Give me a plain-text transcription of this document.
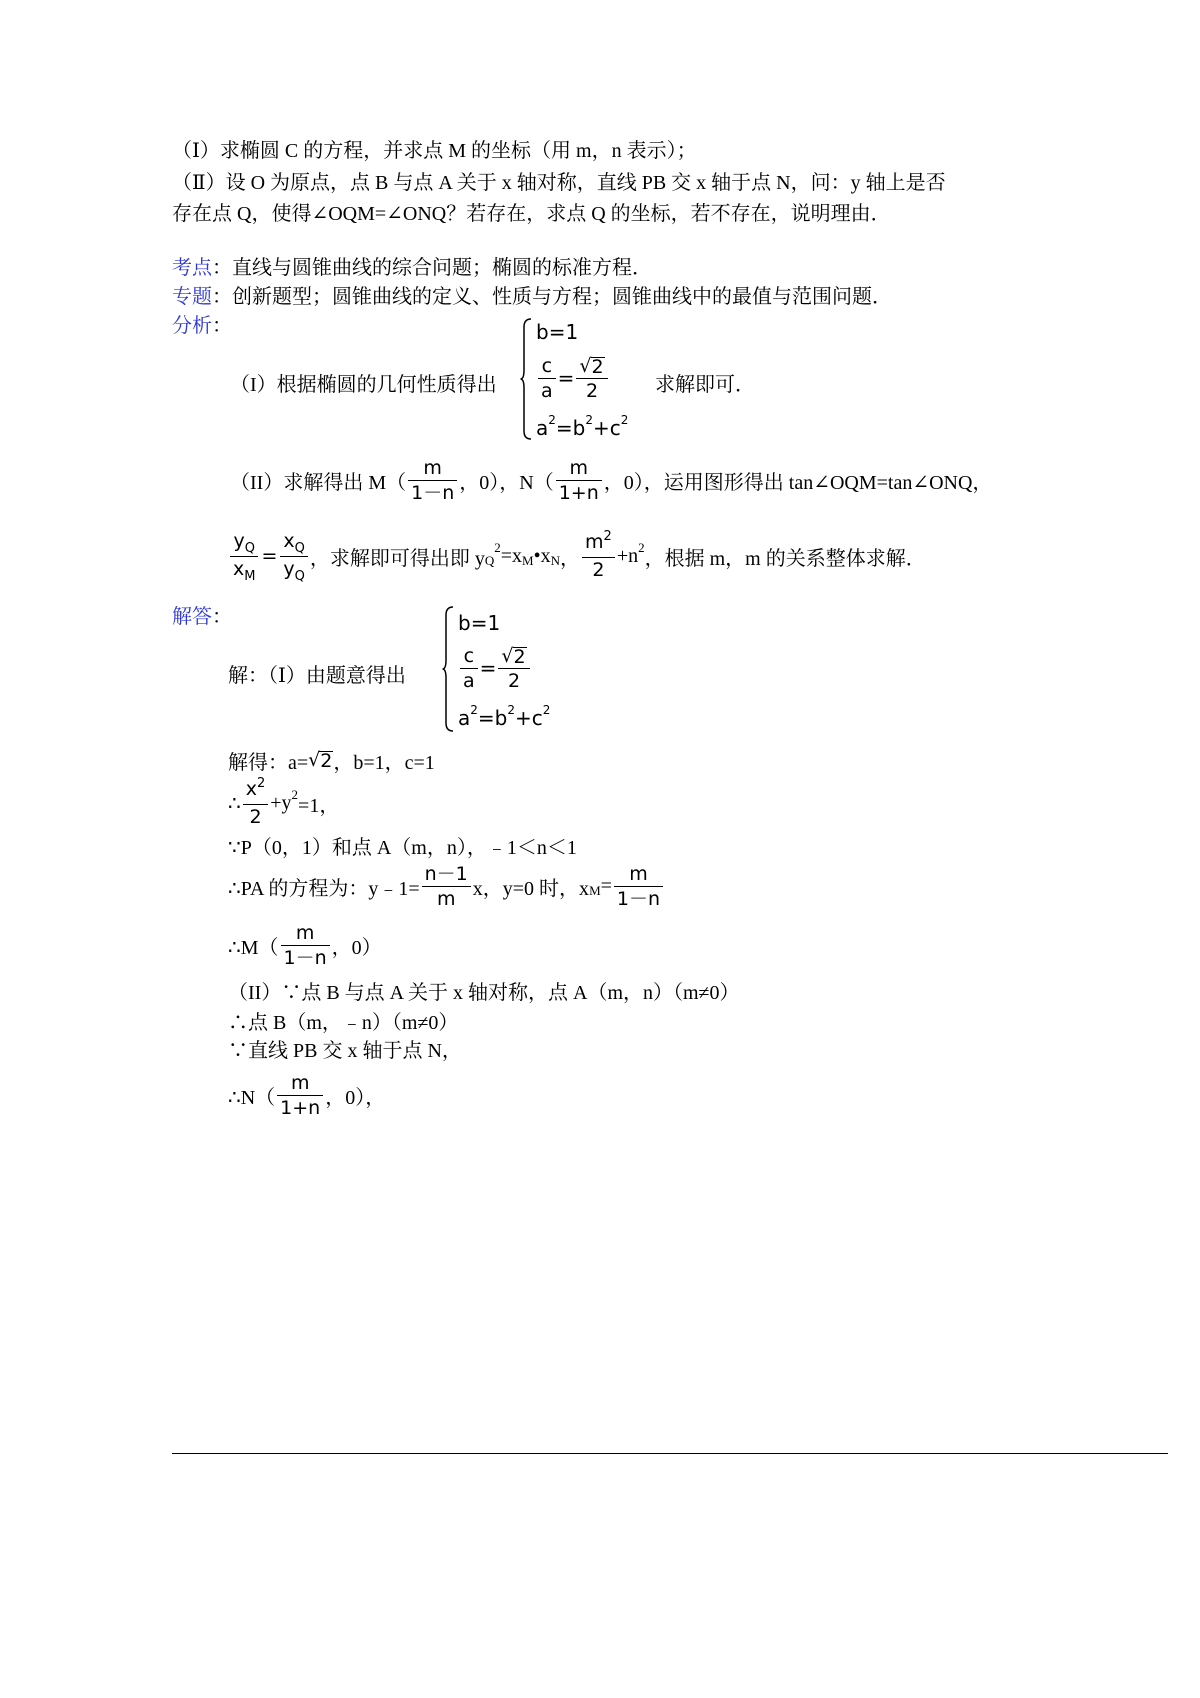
（Ⅰ）求椭圆 C 的方程，并求点 M 的坐标（用 m，n 表示）；
（Ⅱ）设 O 为原点，点 B 与点 A 关于 x 轴对称，直线 PB 交 x 轴于点 N，问：y 轴上是否
存在点 Q，使得∠OQM=∠ONQ？若存在，求点 Q 的坐标，若不存在，说明理由．
考点 ：直线与圆锥曲线的综合问题；椭圆的标准方程．
专题 ：创新题型；圆锥曲线的定义、性质与方程；圆锥曲线中的最值与范围问题．
分析 ：
（I）根据椭圆的几何性质得出
b=1
$\frac{c}{a} = \frac{√ 2}{2}$
a 2 =b 2 +c 2
求解即可．
（II）求解得出 $M( \frac{m}{1-n}$ ，0），$N( \frac{m}{1+n}$ ，0），运用图形得出 tan∠OQM=tan∠ONQ，
$\frac{y_Q}{x_M} = \frac{x_Q}{y_Q}$ ，求解即可得出即 y Q
2 =x M •x N ， $\frac{m^2}{2} +n$ 2 ，根据 m，m 的关系整体求解．
解答 ：
解：（Ⅰ）由题意得出
b=1
$\frac{c}{a} = \frac{√ 2}{2}$
a 2 =b 2 +c 2
解得：a= √ 2 ，b=1，c=1
∴ $\frac{x^2}{2} +y$ 2 =1，
∵P（0，1）和点 A（m，n），﹣1＜n＜1
∴PA 的方程为：y﹣1= $\frac{n-1}{m}$ x，y=0 时，x $M = \frac{m}{1-n}$
∴M（ $\frac{m}{1-n}$ ，0）
（II）∵点 B 与点 A 关于 x 轴对称，点 A（m，n）（m≠0）
∴点 B（m，﹣n）（m≠0）
∵直线 PB 交 x 轴于点 N，
∴N（ $\frac{m}{1+n}$ ，0），
